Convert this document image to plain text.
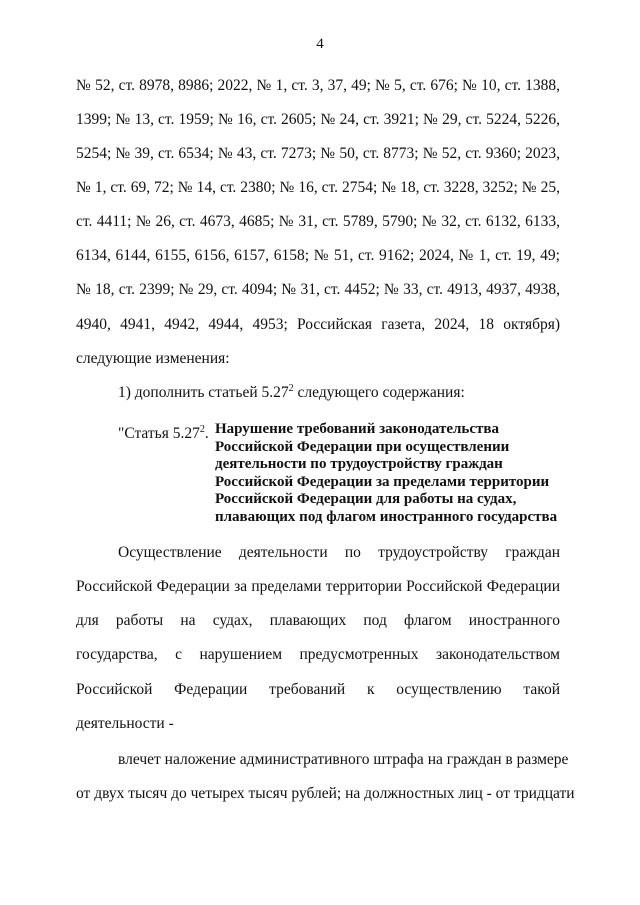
4
№ 52, ст. 8978, 8986; 2022, № 1, ст. 3, 37, 49; № 5, ст. 676; № 10, ст. 1388,
1399; № 13, ст. 1959; № 16, ст. 2605; № 24, ст. 3921; № 29, ст. 5224, 5226,
5254; № 39, ст. 6534; № 43, ст. 7273; № 50, ст. 8773; № 52, ст. 9360; 2023,
№ 1, ст. 69, 72; № 14, ст. 2380; № 16, ст. 2754; № 18, ст. 3228, 3252; № 25,
ст. 4411; № 26, ст. 4673, 4685; № 31, ст. 5789, 5790; № 32, ст. 6132, 6133,
6134, 6144, 6155, 6156, 6157, 6158; № 51, ст. 9162; 2024, № 1, ст. 19, 49;
№ 18, ст. 2399; № 29, ст. 4094; № 31, ст. 4452; № 33, ст. 4913, 4937, 4938,
4940, 4941, 4942, 4944, 4953; Российская газета, 2024, 18 октября)
следующие изменения:
1) дополнить статьей 5.27$^2$ следующего содержания:
"Статья 5.27$^2$. Нарушение требований законодательства
Российской Федерации при осуществлении
деятельности по трудоустройству граждан
Российской Федерации за пределами территории
Российской Федерации для работы на судах,
плавающих под флагом иностранного государства
Осуществление деятельности по трудоустройству граждан
Российской Федерации за пределами территории Российской Федерации
для работы на судах, плавающих под флагом иностранного
государства, с нарушением предусмотренных законодательством
Российской Федерации требований к осуществлению такой
деятельности -
влечет наложение административного штрафа на граждан в размере
от двух тысяч до четырех тысяч рублей; на должностных лиц - от тридцати
